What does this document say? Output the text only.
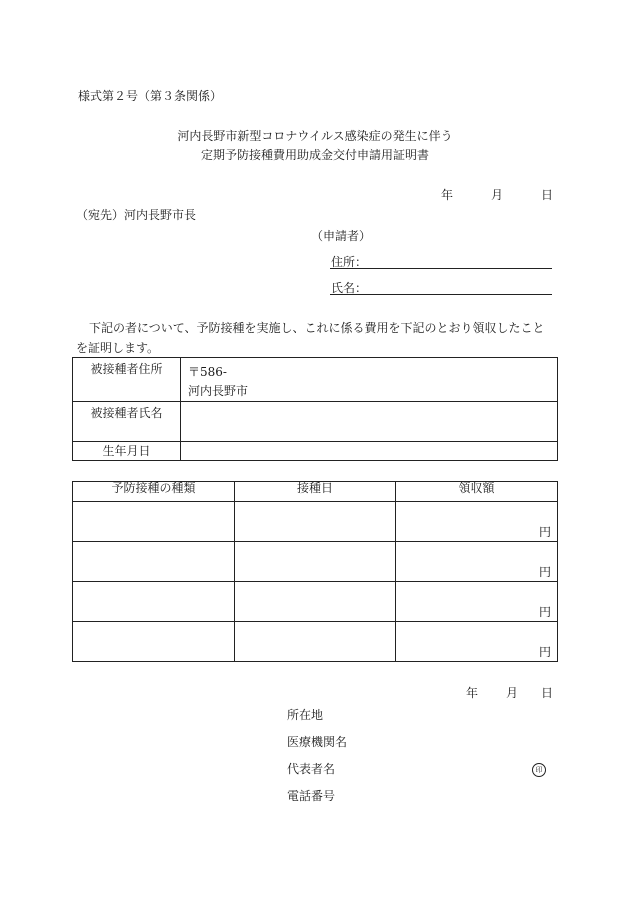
様式第２号（第３条関係）
河内長野市新型コロナウイルス感染症の発生に伴う
定期予防接種費用助成金交付申請用証明書
年	月	日
（宛先）河内長野市長
（申請者）
住所：
氏名：
下記の者について、予防接種を実施し、これに係る費用を下記のとおり領収したこと
を証明します。
被接種者住所	〒586-
河内長野市

被接種者氏名	
生年月日	
予防接種の種類	接種日	領収額

		円

		円

		円

		円
年 月 日
所在地
医療機関名
代表者名	印
電話番号
